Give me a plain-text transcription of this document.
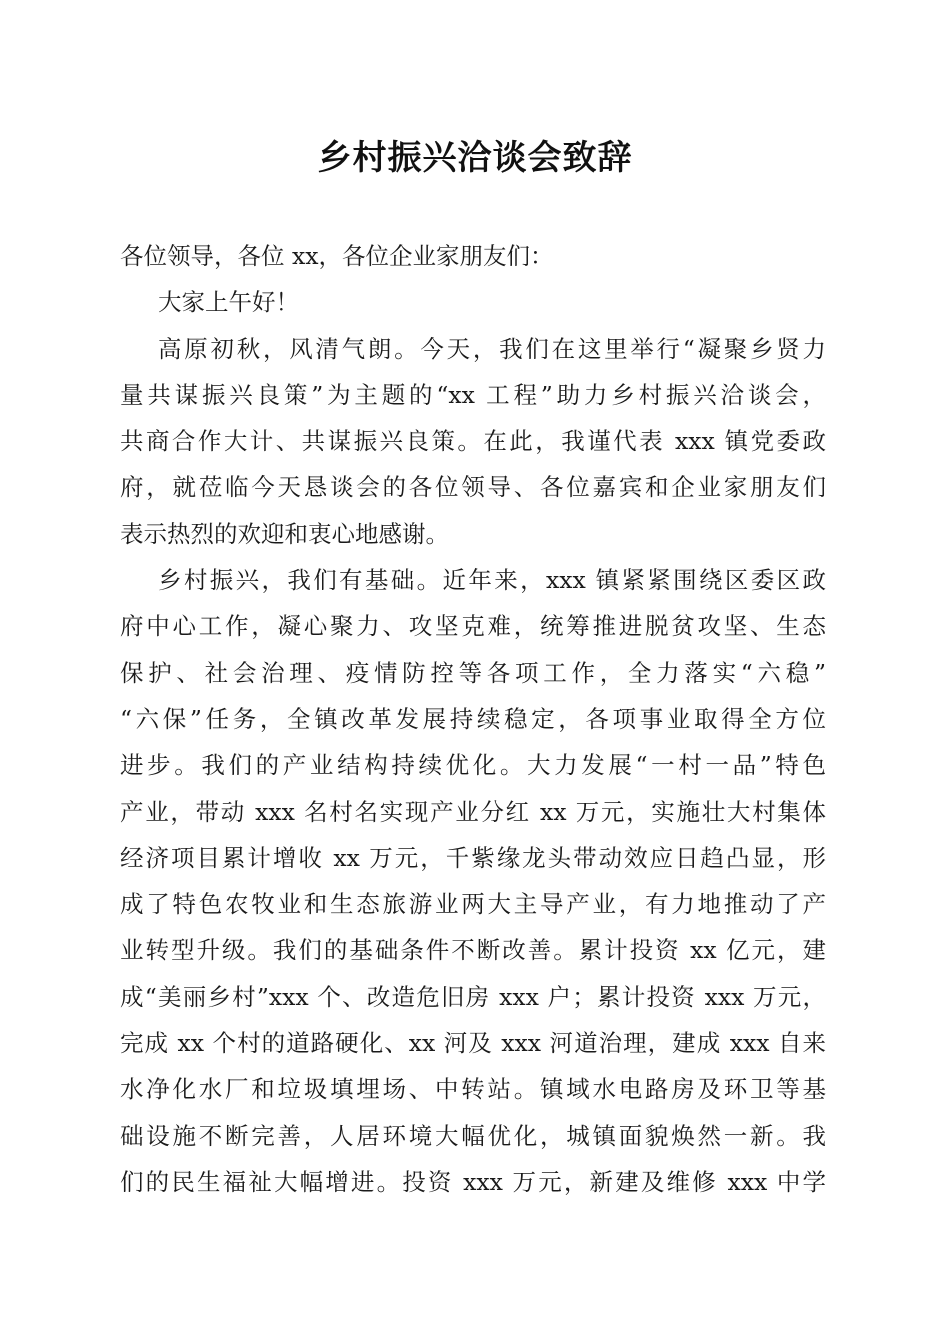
乡村振兴洽谈会致辞
各位领导，各位 xx，各位企业家朋友们：
大家上午好！
高原初秋，风清气朗。今天，我们在这里举行“凝聚乡贤力
量共谋振兴良策”为主题的“xx 工程”助力乡村振兴洽谈会，
共商合作大计、共谋振兴良策。在此，我谨代表 xxx 镇党委政
府，就莅临今天恳谈会的各位领导、各位嘉宾和企业家朋友们
表示热烈的欢迎和衷心地感谢。
乡村振兴，我们有基础。近年来，xxx 镇紧紧围绕区委区政
府中心工作，凝心聚力、攻坚克难，统筹推进脱贫攻坚、生态
保护、社会治理、疫情防控等各项工作，全力落实“六稳”
“六保”任务，全镇改革发展持续稳定，各项事业取得全方位
进步。我们的产业结构持续优化。大力发展“一村一品”特色
产业，带动 xxx 名村名实现产业分红 xx 万元，实施壮大村集体
经济项目累计增收 xx 万元，千紫缘龙头带动效应日趋凸显，形
成了特色农牧业和生态旅游业两大主导产业，有力地推动了产
业转型升级。我们的基础条件不断改善。累计投资 xx 亿元，建
成“美丽乡村”xxx 个、改造危旧房 xxx 户；累计投资 xxx 万元，
完成 xx 个村的道路硬化、xx 河及 xxx 河道治理，建成 xxx 自来
水净化水厂和垃圾填埋场、中转站。镇域水电路房及环卫等基
础设施不断完善，人居环境大幅优化，城镇面貌焕然一新。我
们的民生福祉大幅增进。投资 xxx 万元，新建及维修 xxx 中学
